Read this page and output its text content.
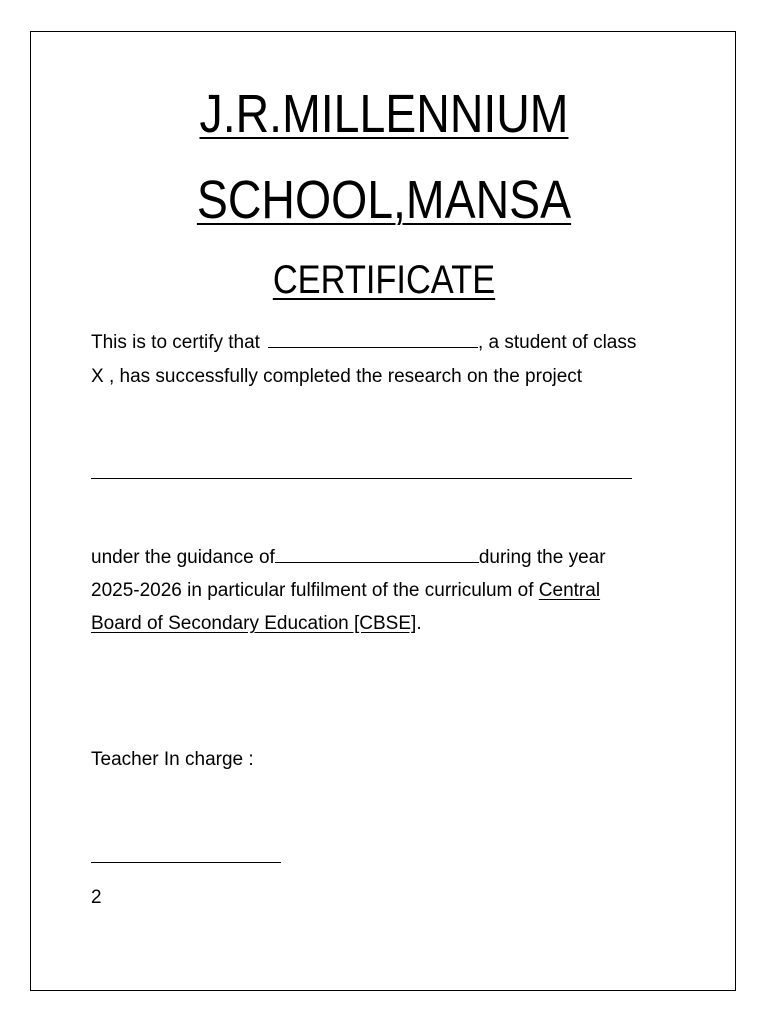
J.R.MILLENNIUM
SCHOOL,MANSA
CERTIFICATE

This is to certify that	, a student of class

X , has successfully completed the research on the project

under the guidance of	during the year

2025-2026 in particular fulfilment of the curriculum of Central

Board of Secondary Education [CBSE].

Teacher In charge :

2
